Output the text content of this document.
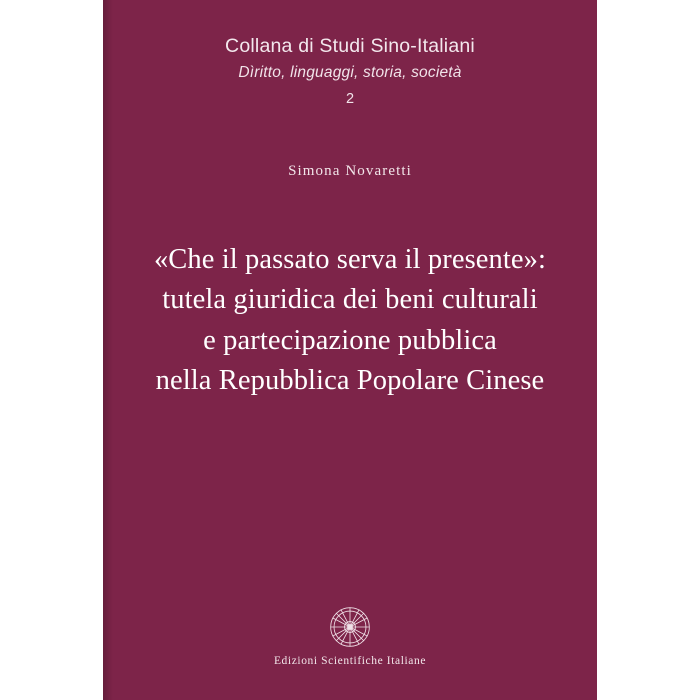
Collana di Studi Sino-Italiani
Dìritto, linguaggi, storia, società
2
Simona Novaretti
«Che il passato serva il presente»:
tutela giuridica dei beni culturali
e partecipazione pubblica
nella Repubblica Popolare Cinese
Edizioni Scientifiche Italiane
